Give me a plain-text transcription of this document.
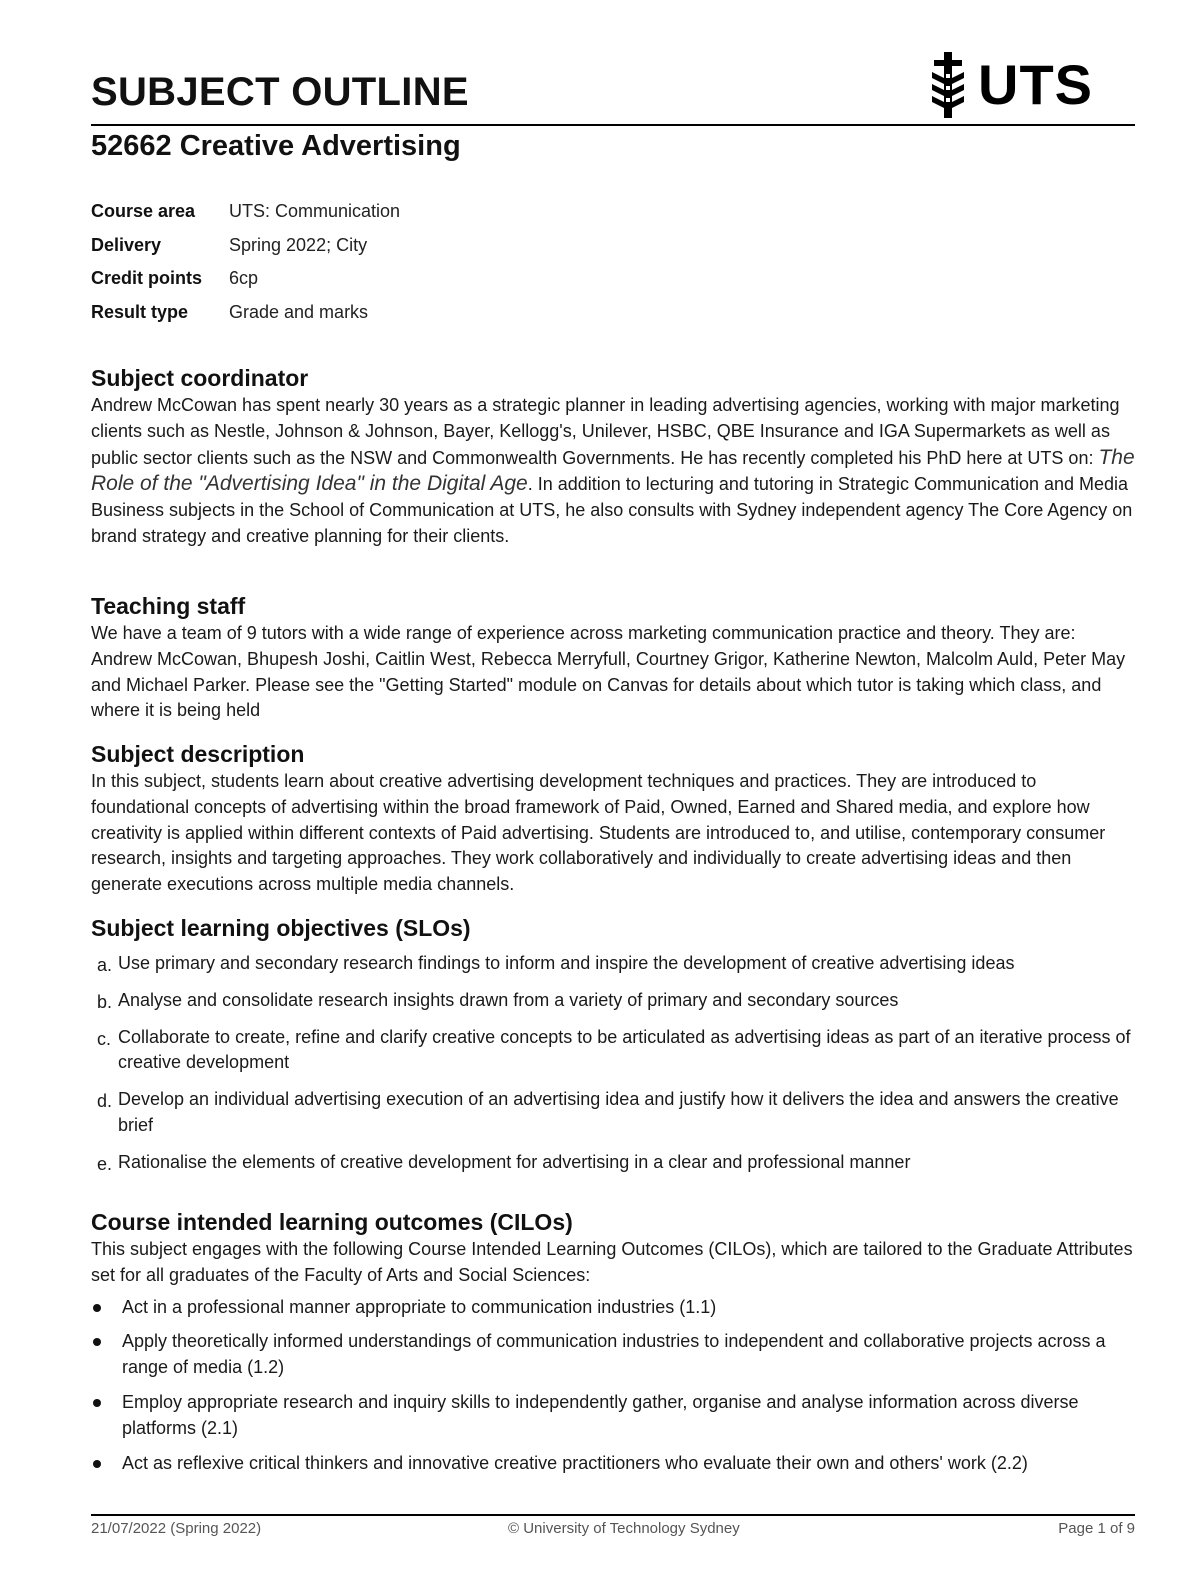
SUBJECT OUTLINE	UTS
52662 Creative Advertising
Course area	UTS: Communication
Delivery	Spring 2022; City
Credit points	6cp
Result type	Grade and marks
Subject coordinator

Andrew McCowan has spent nearly 30 years as a strategic planner in leading advertising agencies, working with major marketing clients such as Nestle, Johnson & Johnson, Bayer, Kellogg's, Unilever, HSBC, QBE Insurance and IGA Supermarkets as well as public sector clients such as the NSW and Commonwealth Governments. He has recently completed his PhD here at UTS on: The Role of the "Advertising Idea" in the Digital Age. In addition to lecturing and tutoring in Strategic Communication and Media Business subjects in the School of Communication at UTS, he also consults with Sydney independent agency The Core Agency on brand strategy and creative planning for their clients.

Teaching staff

We have a team of 9 tutors with a wide range of experience across marketing communication practice and theory. They are: Andrew McCowan, Bhupesh Joshi, Caitlin West, Rebecca Merryfull, Courtney Grigor, Katherine Newton, Malcolm Auld, Peter May and Michael Parker. Please see the "Getting Started" module on Canvas for details about which tutor is taking which class, and where it is being held

Subject description

In this subject, students learn about creative advertising development techniques and practices. They are introduced to foundational concepts of advertising within the broad framework of Paid, Owned, Earned and Shared media, and explore how creativity is applied within different contexts of Paid advertising. Students are introduced to, and utilise, contemporary consumer research, insights and targeting approaches. They work collaboratively and individually to create advertising ideas and then generate executions across multiple media channels.

Subject learning objectives (SLOs)
a. Use primary and secondary research findings to inform and inspire the development of creative advertising ideas
b. Analyse and consolidate research insights drawn from a variety of primary and secondary sources
c. Collaborate to create, refine and clarify creative concepts to be articulated as advertising ideas as part of an iterative process of creative development
d. Develop an individual advertising execution of an advertising idea and justify how it delivers the idea and answers the creative brief
e. Rationalise the elements of creative development for advertising in a clear and professional manner
Course intended learning outcomes (CILOs)

This subject engages with the following Course Intended Learning Outcomes (CILOs), which are tailored to the Graduate Attributes set for all graduates of the Faculty of Arts and Social Sciences:

Act in a professional manner appropriate to communication industries (1.1)
Apply theoretically informed understandings of communication industries to independent and collaborative projects across a range of media (1.2)
Employ appropriate research and inquiry skills to independently gather, organise and analyse information across diverse platforms (2.1)
Act as reflexive critical thinkers and innovative creative practitioners who evaluate their own and others' work (2.2)
21/07/2022 (Spring 2022)	© University of Technology Sydney	Page 1 of 9
